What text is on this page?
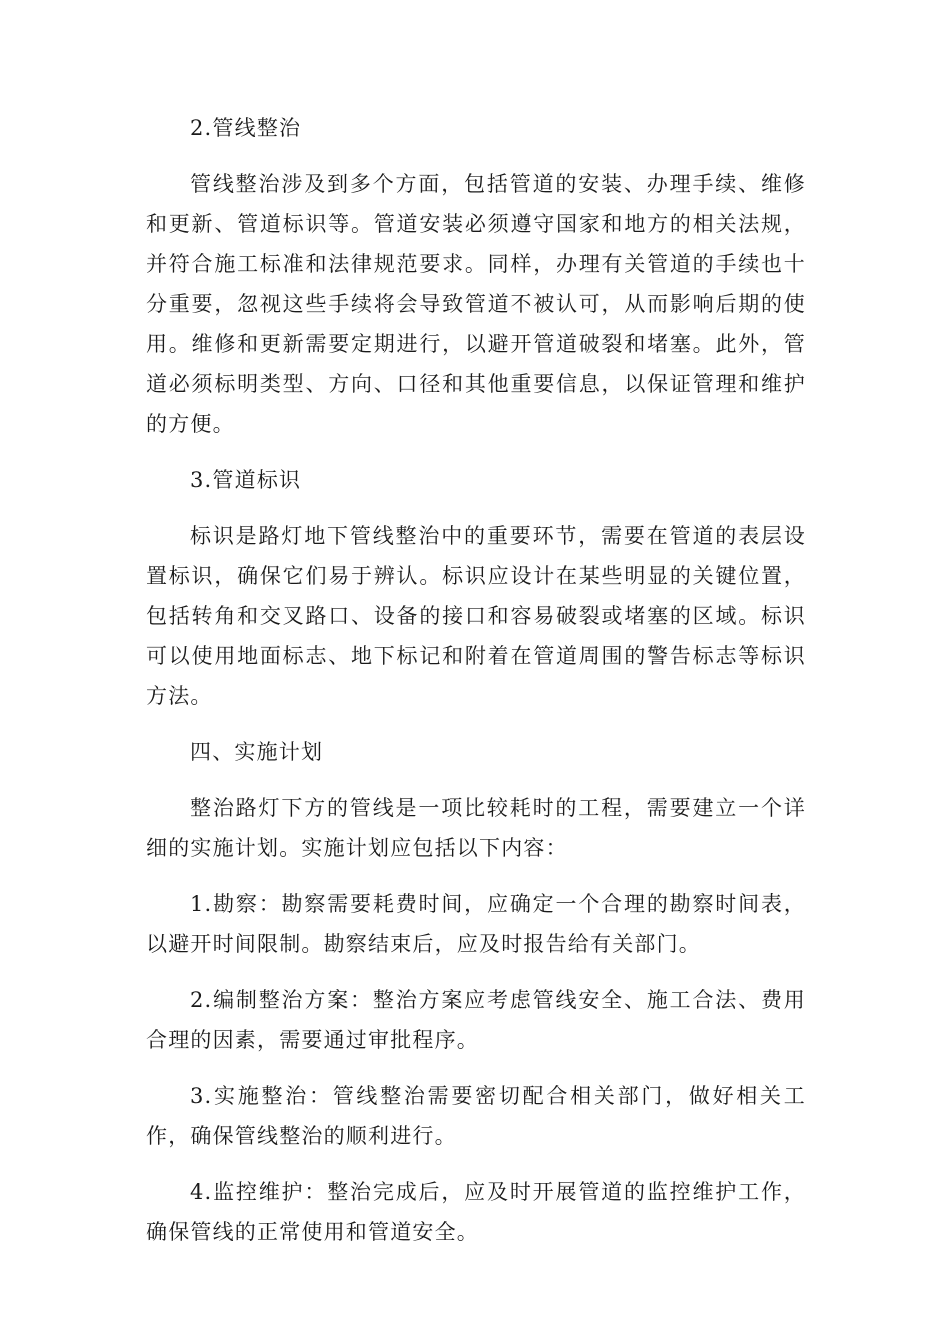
2.管线整治

管线整治涉及到多个方面，包括管道的安装、办理手续、维修和更新、管道标识等。管道安装必须遵守国家和地方的相关法规，并符合施工标准和法律规范要求。同样，办理有关管道的手续也十分重要，忽视这些手续将会导致管道不被认可，从而影响后期的使用。维修和更新需要定期进行，以避开管道破裂和堵塞。此外，管道必须标明类型、方向、口径和其他重要信息，以保证管理和维护的方便。

3.管道标识

标识是路灯地下管线整治中的重要环节，需要在管道的表层设置标识，确保它们易于辨认。标识应设计在某些明显的关键位置，包括转角和交叉路口、设备的接口和容易破裂或堵塞的区域。标识可以使用地面标志、地下标记和附着在管道周围的警告标志等标识方法。

四、实施计划

整治路灯下方的管线是一项比较耗时的工程，需要建立一个详细的实施计划。实施计划应包括以下内容：

1.勘察：勘察需要耗费时间，应确定一个合理的勘察时间表，以避开时间限制。勘察结束后，应及时报告给有关部门。

2.编制整治方案：整治方案应考虑管线安全、施工合法、费用合理的因素，需要通过审批程序。

3.实施整治：管线整治需要密切配合相关部门，做好相关工作，确保管线整治的顺利进行。

4.监控维护：整治完成后，应及时开展管道的监控维护工作，确保管线的正常使用和管道安全。
